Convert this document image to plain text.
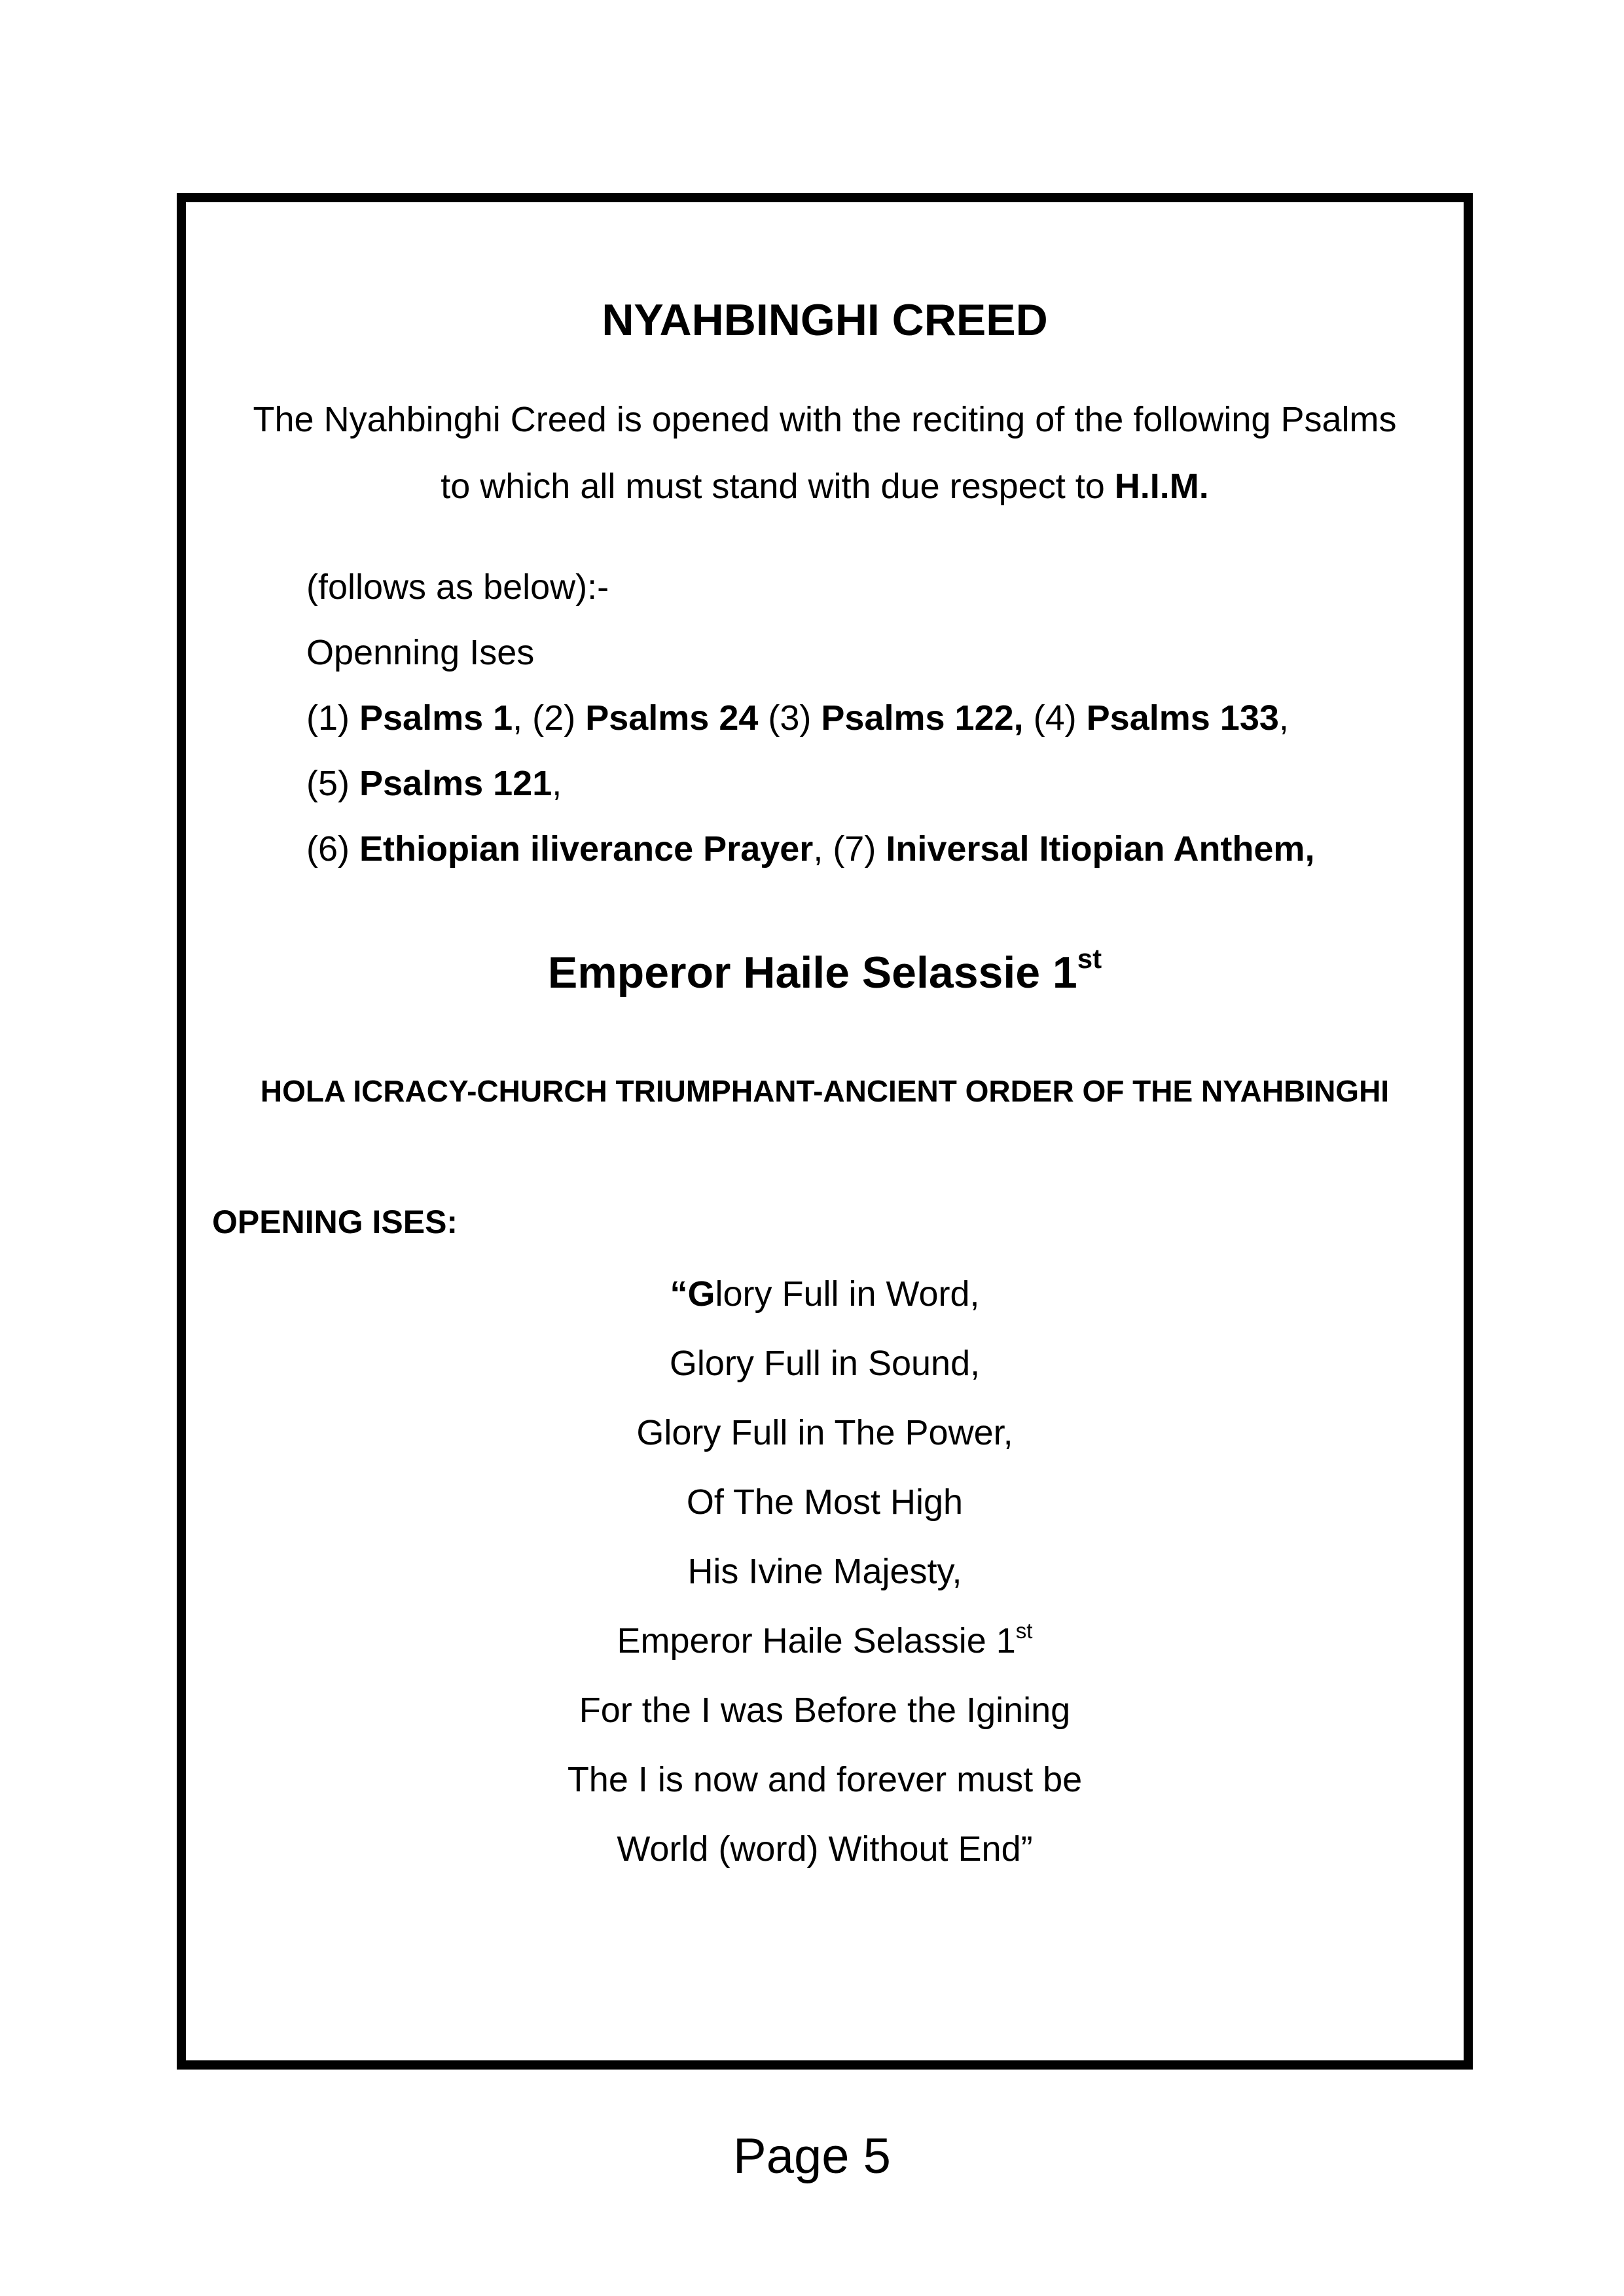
NYAHBINGHI CREED
The Nyahbinghi Creed is opened with the reciting of the following Psalms
to which all must stand with due respect to H.I.M.
(follows as below):-
Openning Ises
(1) Psalms 1, (2) Psalms 24 (3) Psalms 122, (4) Psalms 133,
(5) Psalms 121,
(6) Ethiopian iliverance Prayer, (7) Iniversal Itiopian Anthem,
Emperor Haile Selassie 1st
HOLA ICRACY-CHURCH TRIUMPHANT-ANCIENT ORDER OF THE NYAHBINGHI
OPENING ISES:
“Glory Full in Word,
Glory Full in Sound,
Glory Full in The Power,
Of The Most High
His Ivine Majesty,
Emperor Haile Selassie 1st
For the I was Before the Igining
The I is now and forever must be
World (word) Without End”
Page 5
